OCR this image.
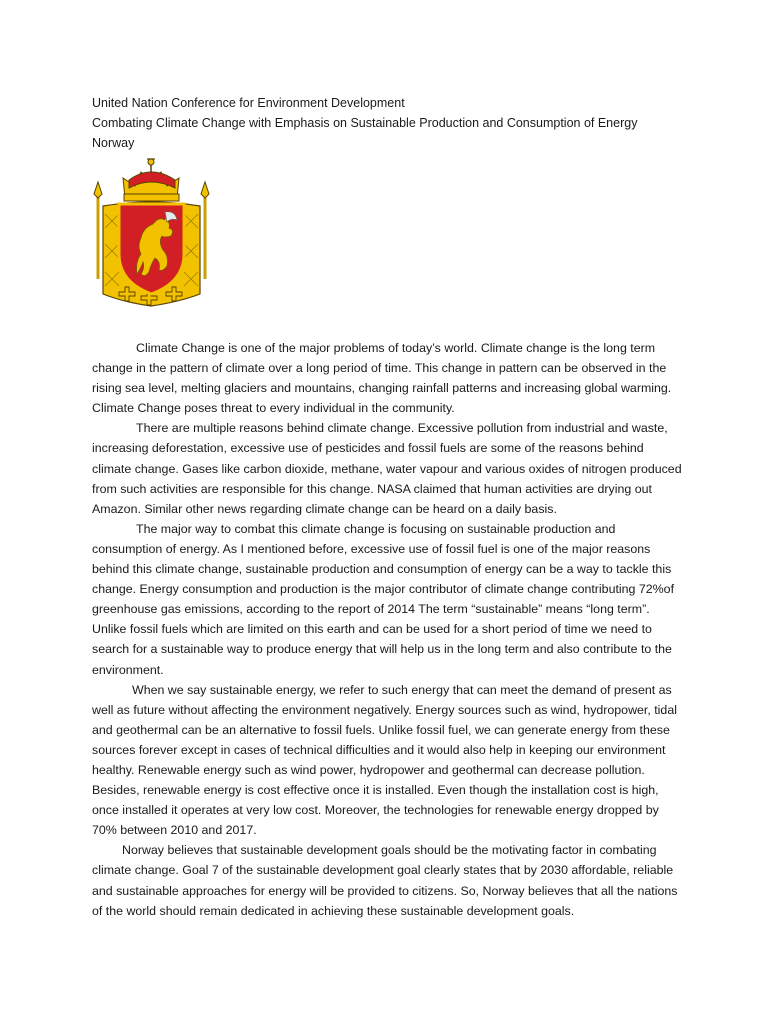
United Nation Conference for Environment Development
Combating Climate Change with Emphasis on Sustainable Production and Consumption of Energy
Norway

Climate Change is one of the major problems of today’s world. Climate change is the long term change in the pattern of climate over a long period of time. This change in pattern can be observed in the rising sea level, melting glaciers and mountains, changing rainfall patterns and increasing global warming. Climate Change poses threat to every individual in the community.

There are multiple reasons behind climate change. Excessive pollution from industrial and waste, increasing deforestation, excessive use of pesticides and fossil fuels are some of the reasons behind climate change. Gases like carbon dioxide, methane, water vapour and various oxides of nitrogen produced from such activities are responsible for this change. NASA claimed that human activities are drying out Amazon. Similar other news regarding climate change can be heard on a daily basis.

The major way to combat this climate change is focusing on sustainable production and consumption of energy. As I mentioned before, excessive use of fossil fuel is one of the major reasons behind this climate change, sustainable production and consumption of energy can be a way to tackle this change. Energy consumption and production is the major contributor of climate change contributing 72%of greenhouse gas emissions, according to the report of 2014 The term “sustainable” means “long term”. Unlike fossil fuels which are limited on this earth and can be used for a short period of time we need to search for a sustainable way to produce energy that will help us in the long term and also contribute to the environment.

When we say sustainable energy, we refer to such energy that can meet the demand of present as well as future without affecting the environment negatively. Energy sources such as wind, hydropower, tidal and geothermal can be an alternative to fossil fuels. Unlike fossil fuel, we can generate energy from these sources forever except in cases of technical difficulties and it would also help in keeping our environment healthy. Renewable energy such as wind power, hydropower and geothermal can decrease pollution. Besides, renewable energy is cost effective once it is installed. Even though the installation cost is high, once installed it operates at very low cost. Moreover, the technologies for renewable energy dropped by 70% between 2010 and 2017.

Norway believes that sustainable development goals should be the motivating factor in combating climate change. Goal 7 of the sustainable development goal clearly states that by 2030 affordable, reliable and sustainable approaches for energy will be provided to citizens. So, Norway believes that all the nations of the world should remain dedicated in achieving these sustainable development goals.
